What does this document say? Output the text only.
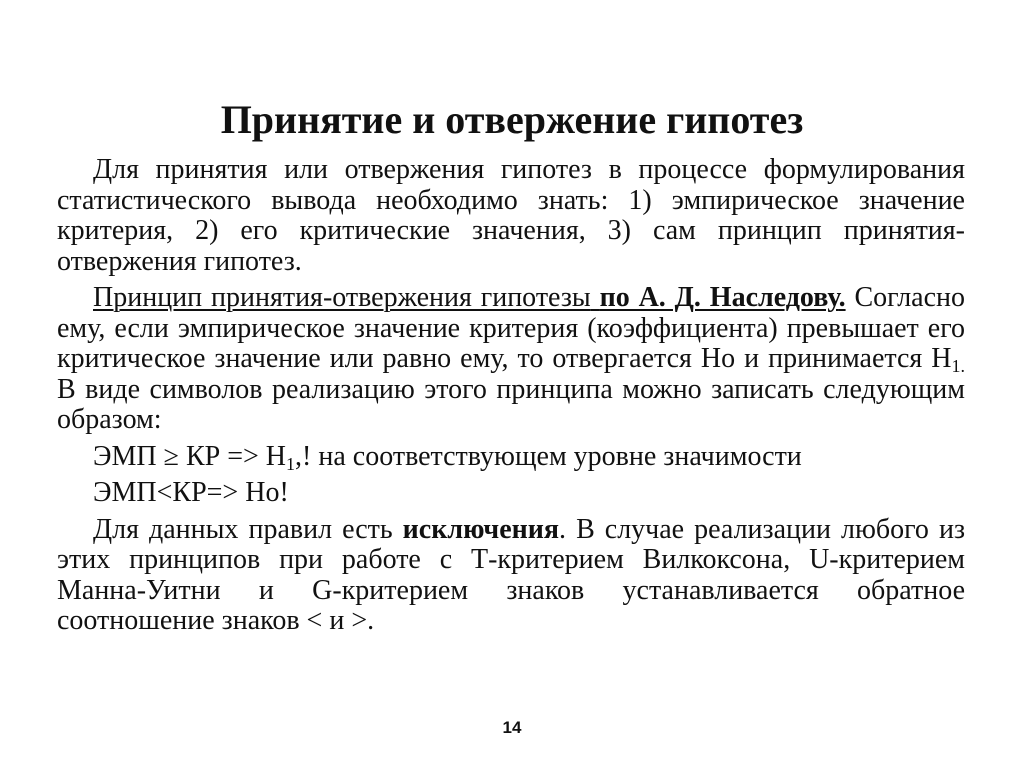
Принятие и отвержение гипотез

Для принятия или отвержения гипотез в процессе формулирования статистического вывода необходимо знать: 1) эмпирическое значение критерия, 2) его критические значения, 3) сам принцип принятия-отвержения гипотез.

Принцип принятия-отвержения гипотезы по А. Д. Наследову. Согласно ему, если эмпирическое значение критерия (коэффициента) превышает его критическое значение или равно ему, то отвергается Но и принимается $Н_{1.}$ В виде символов реализацию этого принципа можно записать следующим образом:

ЭМП ≥ КР => $Н_1$,! на соответствующем уровне значимости

ЭМП<КР=> Но!

Для данных правил есть исключения. В случае реализации любого из этих принципов при работе с Т-критерием Вилкоксона, U-критерием Манна-Уитни и G-критерием знаков устанавливается обратное соотношение знаков < и >.

14
